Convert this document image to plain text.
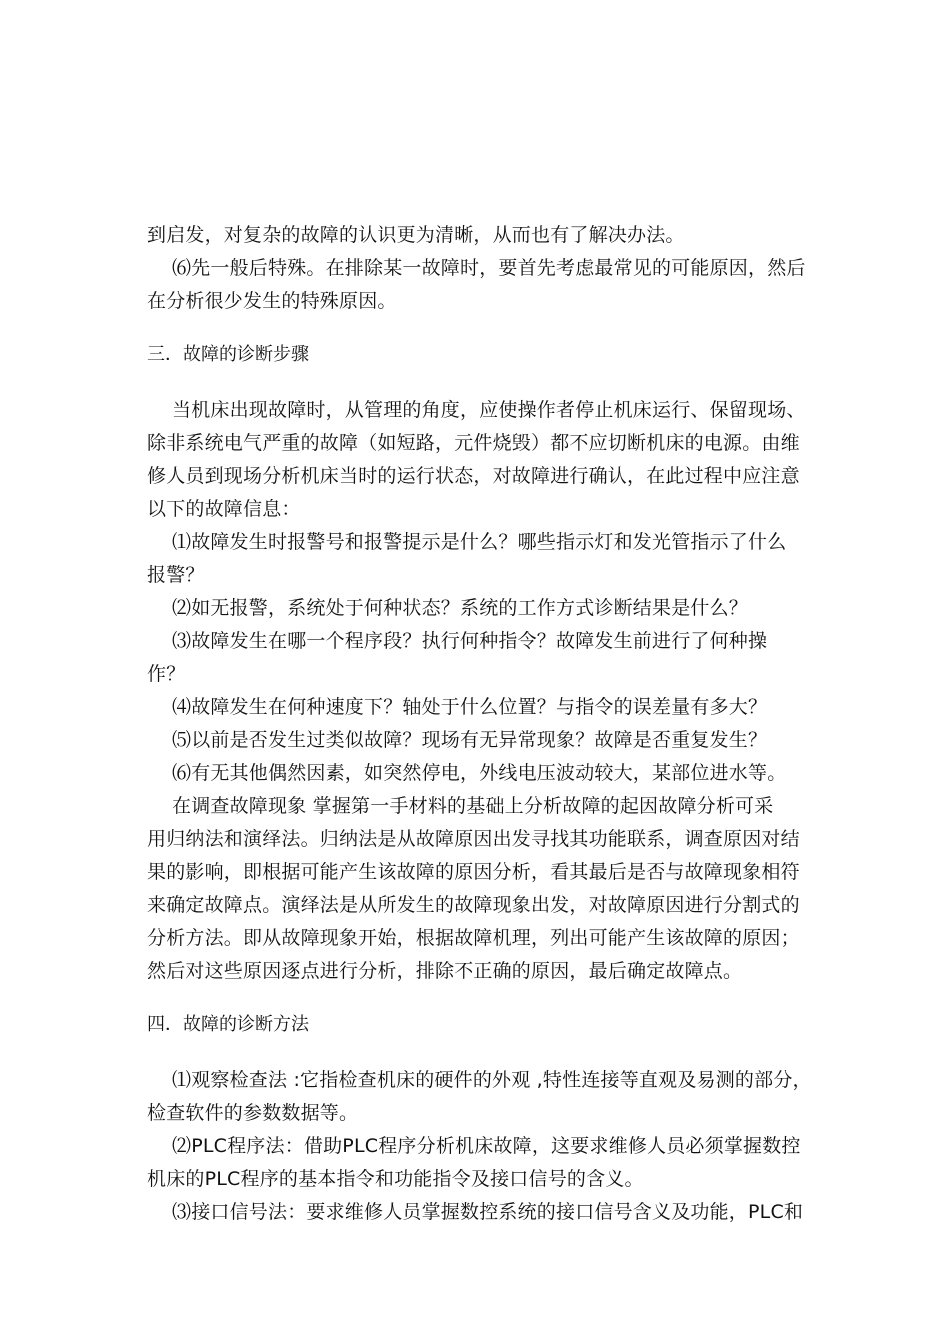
到启发，对复杂的故障的认识更为清晰，从而也有了解决办法。
⑹先一般后特殊。在排除某一故障时，要首先考虑最常见的可能原因，然后
在分析很少发生的特殊原因。
三．故障的诊断步骤
当机床出现故障时，从管理的角度，应使操作者停止机床运行、保留现场、
除非系统电气严重的故障（如短路，元件烧毁）都不应切断机床的电源。由维
修人员到现场分析机床当时的运行状态，对故障进行确认，在此过程中应注意
以下的故障信息：
⑴故障发生时报警号和报警提示是什么？哪些指示灯和发光管指示了什么
报警？
⑵如无报警，系统处于何种状态？系统的工作方式诊断结果是什么？
⑶故障发生在哪一个程序段？执行何种指令？故障发生前进行了何种操
作？
⑷故障发生在何种速度下？轴处于什么位置？与指令的误差量有多大？
⑸以前是否发生过类似故障？现场有无异常现象？故障是否重复发生？
⑹有无其他偶然因素，如突然停电，外线电压波动较大，某部位进水等。
在调查故障现象 掌握第一手材料的基础上分析故障的起因故障分析可采
用归纳法和演绎法。归纳法是从故障原因出发寻找其功能联系，调查原因对结
果的影响，即根据可能产生该故障的原因分析，看其最后是否与故障现象相符
来确定故障点。演绎法是从所发生的故障现象出发，对故障原因进行分割式的
分析方法。即从故障现象开始，根据故障机理，列出可能产生该故障的原因；
然后对这些原因逐点进行分析，排除不正确的原因，最后确定故障点。
四．故障的诊断方法
⑴观察检查法 :它指检查机床的硬件的外观 ,特性连接等直观及易测的部分，
检查软件的参数数据等。
⑵PLC程序法：借助PLC程序分析机床故障，这要求维修人员必须掌握数控
机床的PLC程序的基本指令和功能指令及接口信号的含义。
⑶接口信号法：要求维修人员掌握数控系统的接口信号含义及功能，PLC和
